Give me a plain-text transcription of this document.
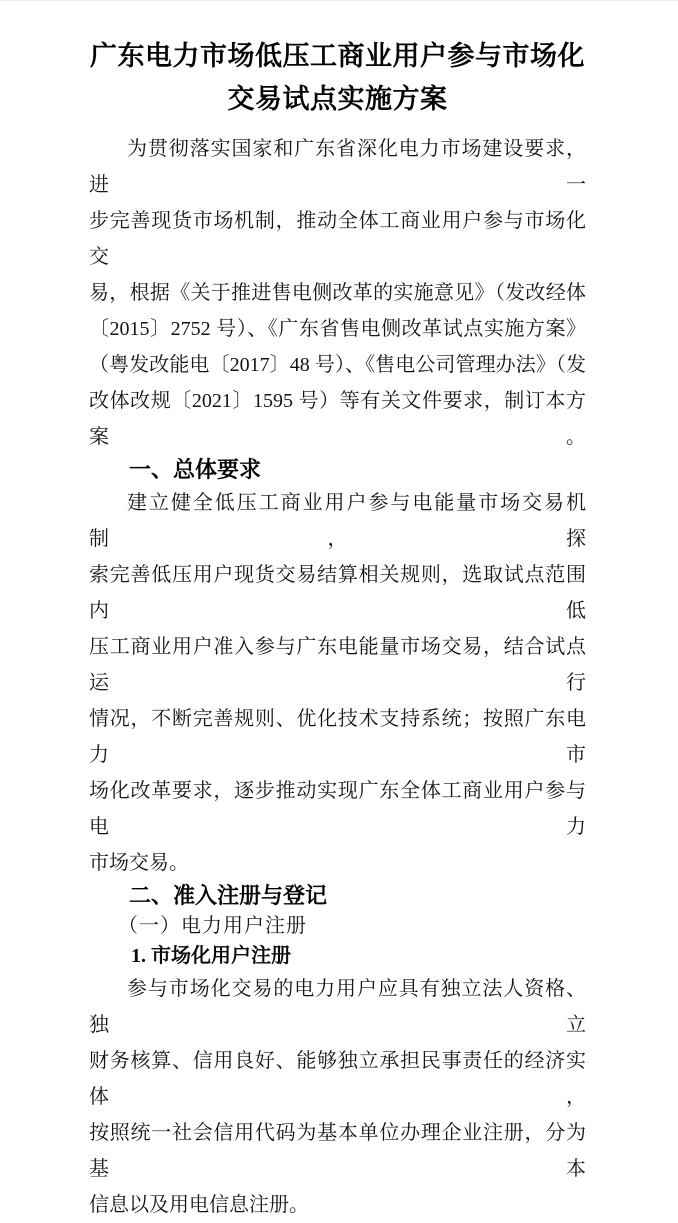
广东电力市场低压工商业用户参与市场化
交易试点实施方案
为贯彻落实国家和广东省深化电力市场建设要求，进一
步完善现货市场机制，推动全体工商业用户参与市场化交
易，根据《关于推进售电侧改革的实施意见》（发改经体
〔2015〕2752 号）、《广东省售电侧改革试点实施方案》
（粤发改能电〔2017〕48 号）、《售电公司管理办法》（发
改体改规〔2021〕1595 号）等有关文件要求，制订本方案。
一、总体要求
建立健全低压工商业用户参与电能量市场交易机制，探
索完善低压用户现货交易结算相关规则，选取试点范围内低
压工商业用户准入参与广东电能量市场交易，结合试点运行
情况，不断完善规则、优化技术支持系统；按照广东电力市
场化改革要求，逐步推动实现广东全体工商业用户参与电力
市场交易。
二、准入注册与登记
（一）电力用户注册
1. 市场化用户注册
参与市场化交易的电力用户应具有独立法人资格、独立
财务核算、信用良好、能够独立承担民事责任的经济实体，
按照统一社会信用代码为基本单位办理企业注册，分为基本
信息以及用电信息注册。
